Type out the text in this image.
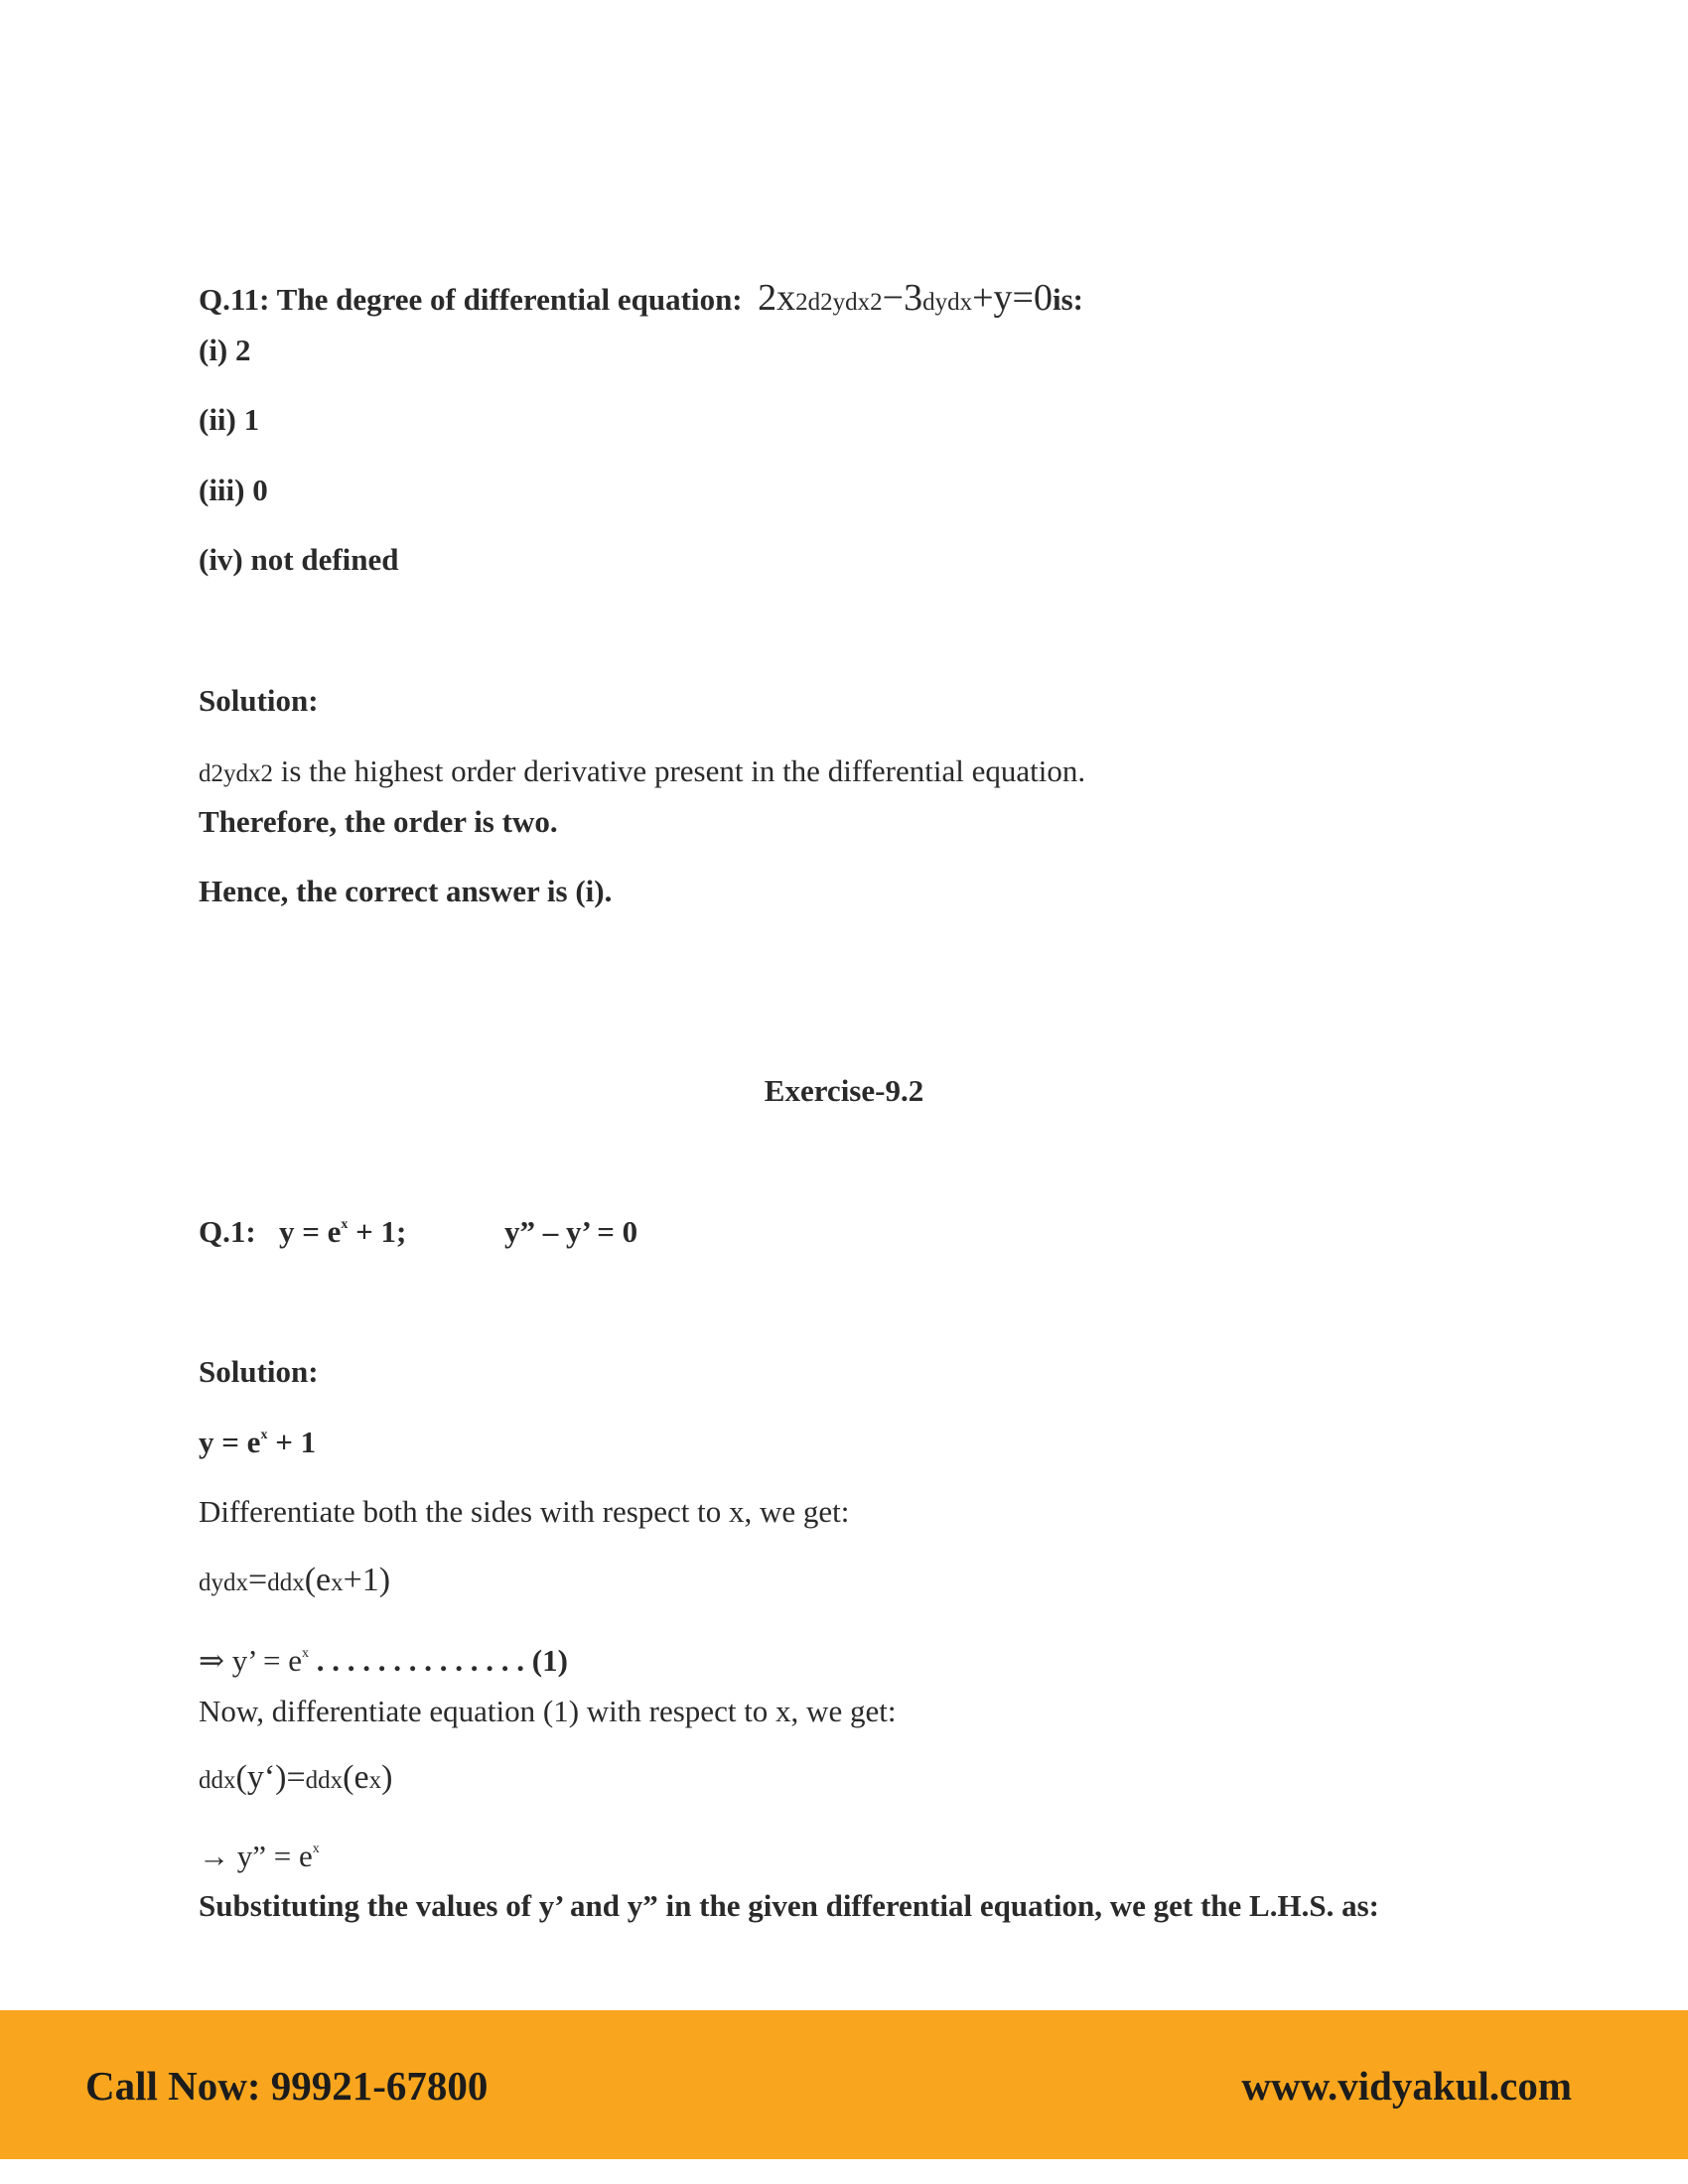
Q.11: The degree of differential equation: 2x2d2ydx2−3dydx+y=0is:
(i) 2
(ii) 1
(iii) 0
(iv) not defined
Solution:
d2ydx2 is the highest order derivative present in the differential equation.
Therefore, the order is two.
Hence, the correct answer is (i).
Exercise-9.2
Q.1: $y = e^x + 1$;	y” – y’ = 0
Solution:
$y = e^x + 1$
Differentiate both the sides with respect to x, we get:
dydx=ddx(ex+1)
⇒ y’ = $e^x$ . . . . . . . . . . . . . . (1)
Now, differentiate equation (1) with respect to x, we get:
ddx(y‘)=ddx(ex)
→ y” = $e^x$
Substituting the values of y’ and y” in the given differential equation, we get the L.H.S. as:
Call Now: 99921-67800	www.vidyakul.com
